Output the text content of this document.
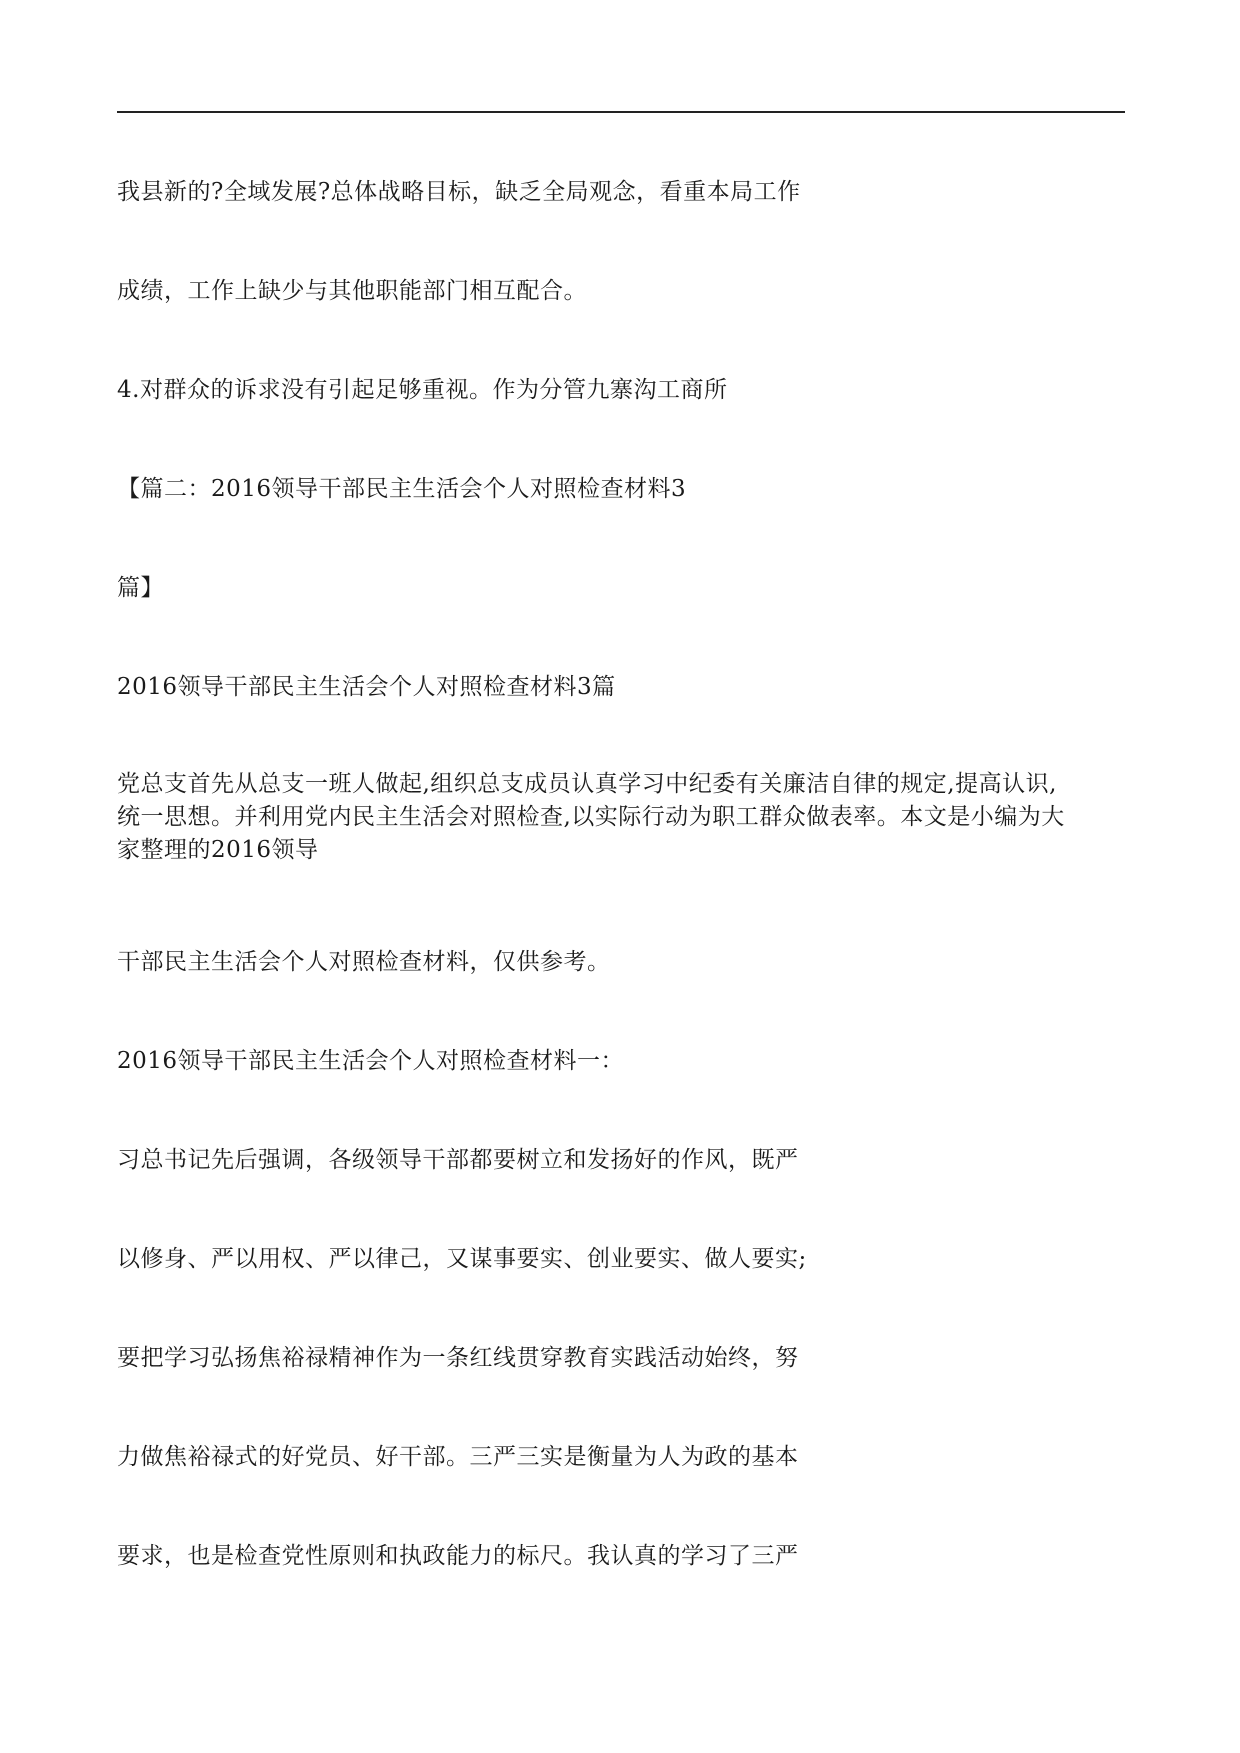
我县新的?全域发展?总体战略目标，缺乏全局观念，看重本局工作
成绩，工作上缺少与其他职能部门相互配合。
4.对群众的诉求没有引起足够重视。作为分管九寨沟工商所
【篇二：2016领导干部民主生活会个人对照检查材料3
篇】
2016领导干部民主生活会个人对照检查材料3篇
党总支首先从总支一班人做起,组织总支成员认真学习中纪委有关廉洁自律的规定,提高认识,
统一思想。并利用党内民主生活会对照检查,以实际行动为职工群众做表率。本文是小编为大
家整理的2016领导
干部民主生活会个人对照检查材料，仅供参考。
2016领导干部民主生活会个人对照检查材料一：
习总书记先后强调，各级领导干部都要树立和发扬好的作风，既严
以修身、严以用权、严以律己，又谋事要实、创业要实、做人要实;
要把学习弘扬焦裕禄精神作为一条红线贯穿教育实践活动始终，努
力做焦裕禄式的好党员、好干部。三严三实是衡量为人为政的基本
要求，也是检查党性原则和执政能力的标尺。我认真的学习了三严
